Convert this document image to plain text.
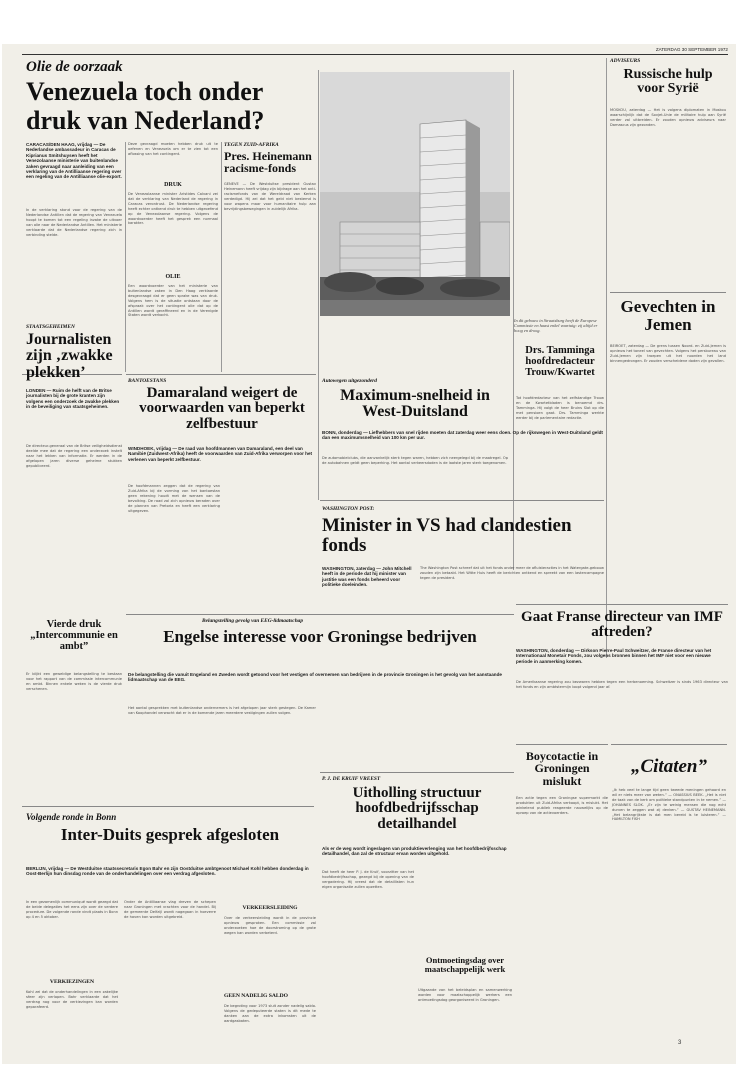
ZATERDAG 30 SEPTEMBER 1972
Olie de oorzaak
Venezuela toch onder
druk van Nederland?
CARACAS/DEN HAAG, vrijdag — De Nederlandse ambassadeur in Caracas de Kiprianus Smitshuysen heeft het Venezolaanse ministerie van buitenlandse zaken gevraagd naar aanleiding van een verklaring van de Antilliaanse regering over een regeling van de Antilliaanse olie-export.
In de verklaring stond voor de regering van de Nederlandse Antillen dat de regering van Venezuela hoopt te komen tot een regeling inzake de uitvoer van olie naar de Nederlandse Antillen. Het ministerie verklaarde dat de Nederlandse regering zich in verbinding stelde.
Deze gevraagd moeten hebben druk uit te oefenen en Venezuela om er te zien tot een aflossing van het contingent.
DRUK
De Venezolaanse minister Aristides Calvani zei dat de verklaring van Nederland de regering in Caracas verontrust. De Nederlandse regering heeft echter ontkend druk te hebben uitgeoefend op de Venezolaanse regering. Volgens de woordvoerder heeft het gesprek een normaal karakter.
OLIE
Een woordvoerder van het ministerie van buitenlandse zaken in Den Haag verklaarde desgevraagd dat er geen sprake was van druk. Volgens hem is de situatie ontstaan door de afspraak over het contingent olie dat op de Antillen wordt geraffineerd en in de Verenigde Staten wordt verkocht.
TEGEN ZUID-AFRIKA
Pres. Heinemann racisme-fonds
GENEVE — De Westduitse president Gustav Heinemann heeft vrijdag zijn bijdrage aan het anti-racismefonds van de Wereldraad van Kerken verdedigd. Hij zei dat het geld niet bestemd is voor wapens maar voor humanitaire hulp aan bevrijdingsbewegingen in zuidelijk Afrika.
In dit gebouw in Straatsburg heeft de Europese Commissie en haast enkel vaartuig: zij altijd er hoog en droog.
ADVISEURS
Russische hulp voor Syrië
MOSKOU, zaterdag — Het is volgens diplomaten in Moskou waarschijnlijk dat de Sovjet-Unie de militaire hulp aan Syrië verder zal uitbreiden. Er zouden opnieuw adviseurs naar Damascus zijn gezonden.
Gevechten in Jemen
BEIROET, zaterdag — De grens tussen Noord- en Zuid-Jemen is opnieuw het toneel van gevechten. Volgens het persbureau van Zuid-Jemen zijn troepen uit het noorden het land binnengedrongen. Er zouden verscheidene doden zijn gevallen.
STAATSGEHEIMEN
Journalisten zijn ‚zwakke plekken’
LONDEN — Ruim de helft van de Britse journalisten bij de grote kranten zijn volgens een onderzoek de zwakke plekken in de beveiliging van staatsgeheimen.
De directeur-generaal van de Britse veiligheidsdienst deelde mee dat de regering een onderzoek instelt naar het lekken van informatie. Er werden in de afgelopen jaren diverse geheime stukken gepubliceerd.
Vierde druk „Intercommunie en ambt”
Er blijkt een geweldige belangstelling te bestaan voor het rapport van de commissie intercommunie en ambt. Binnen enkele weken is de vierde druk verschenen.
BANTOESTANS
Damaraland weigert de voorwaarden van beperkt zelfbestuur
WINDHOEK, vrijdag — De raad van hoofdmannen van Damaraland, een deel van Namibië (Zuidwest-Afrika) heeft de voorwaarden van Zuid-Afrika verworpen voor het verlenen van beperkt zelfbestuur.
De hoofdmannen zeggen dat de regering van Zuid-Afrika bij de vorming van het bantoestan geen rekening houdt met de wensen van de bevolking. De raad zal zich opnieuw beraden over de plannen van Pretoria en heeft een verklaring uitgegeven.
Autowegen uitgezonderd
Maximum-snelheid in West-Duitsland
BONN, donderdag — Liefhebbers van snel rijden moeten dat zaterdag weer eens doen. Op de rijkswegen in West-Duitsland geldt dan een maximumsnelheid van 100 km per uur.
De automobielclubs, die aanvankelijk sterk tegen waren, hebben zich neergelegd bij de maatregel. Op de autobahnen geldt geen beperking. Het aantal verkeersdoden is de laatste jaren sterk toegenomen.
Drs. Tamminga hoofdredacteur Trouw/Kwartet
Tot hoofdredacteur van het zelfstandige Trouw en de Kwartetbladen is benoemd drs. Tamminga. Hij volgt de heer Bruins Slot op die met pensioen gaat. Drs. Tamminga werkte eerder bij de parlementaire redactie.
WASHINGTON POST:
Minister in VS had clandestien fonds
WASHINGTON, zaterdag — John Mitchell heeft in de periode dat hij minister van justitie was een fonds beheerd voor politieke doeleinden.
The Washington Post schreef dat uit het fonds onder meer de afluisteracties in het Watergate-gebouw zouden zijn betaald. Het Witte Huis heeft de berichten ontkend en spreekt van een lastercampagne tegen de president.
Belangstelling gevolg van EEG-lidmaatschap
Engelse interesse voor Groningse bedrijven
De belangstelling die vanuit Engeland en Zweden wordt getoond voor het vestigen of overnemen van bedrijven in de provincie Groningen is het gevolg van het aanstaande lidmaatschap van de EEG.
Het aantal gesprekken met buitenlandse ondernemers is het afgelopen jaar sterk gestegen. De Kamer van Koophandel verwacht dat er in de komende jaren meerdere vestigingen zullen volgen.
Gaat Franse directeur van IMF aftreden?
WASHINGTON, donderdag — Dirkson Pierre-Paul Schweitzer, de Franse directeur van het Internationaal Monetair Fonds, zou volgens bronnen binnen het IMF niet voor een nieuwe periode in aanmerking komen.
De Amerikaanse regering zou bezwaren hebben tegen een herbenoeming. Schweitzer is sinds 1963 directeur van het fonds en zijn ambtstermijn loopt volgend jaar af.
Volgende ronde in Bonn
Inter-Duits gesprek afgesloten
BERLIJN, vrijdag — De Westduitse staatssecretaris Egon Bahr en zijn Oostduitse ambtgenoot Michael Kohl hebben donderdag in Oost-Berlijn hun dinsdag ronde van de onderhandelingen over een verdrag afgesloten.
In een gezamenlijk communiqué wordt gezegd dat de beide delegaties het eens zijn over de verdere procedure. De volgende ronde vindt plaats in Bonn op 4 en 5 oktober.
VERKIEZINGEN
Kohl zei dat de onderhandelingen in een zakelijke sfeer zijn verlopen. Bahr verklaarde dat het verdrag nog voor de verkiezingen kan worden geparafeerd.
Onder de Antilliaanse vlag dreven de schepen naar Groningen met vrachten voor de handel. Bij de gemeente Delfzijl wordt nagegaan in hoeverre de haven kan worden uitgebreid.
GEEN NADELIG SALDO
De begroting voor 1973 sluit zonder nadelig saldo. Volgens de gedeputeerde staten is dit mede te danken aan de extra inkomsten uit de aardgasbaten.
VERKEERSLEIDING
Over de verkeersleiding wordt in de provincie opnieuw gesproken. Een commissie zal onderzoeken hoe de doorstroming op de grote wegen kan worden verbeterd.
P. J. DE KRUIF VREEST
Uitholling structuur hoofdbedrijfsschap detailhandel
Als er de weg wordt ingeslagen van produktieverlenging van het hoofdbedrijfsschap detailhandel, dan zal de structuur ervan worden uitgehold.
Dat heeft de heer P. J. de Kruif, voorzitter van het hoofdbedrijfsschap, gezegd bij de opening van de vergadering. Hij vreest dat de detaillisten hun eigen organisatie zullen opzetten.
Ontmoetingsdag over maatschappelijk werk
Uitgaande van het beleidsplan en samenwerking worden voor maatschappelijk werkers een ontmoetingsdag georganiseerd in Groningen.
Boycotactie in Groningen mislukt
Een actie tegen een Groningse supermarkt die produkten uit Zuid-Afrika verkoopt, is mislukt. Het winkelend publiek reageerde nauwelijks op de oproep van de actievoerders.
„Citaten”
„Ik heb veel te lange tijd geen tweede meningen gehoord en wil er niets meer van weten.” — ONASSIUS BEEK. „Het is niet de taak van de kerk om politieke standpunten in te nemen.” — JOHANNES SLOK. „Er zijn te weinig mensen die nog echt durven te zeggen wat zij denken.” — GUSTAV HEINEMANN. „Het belangrijkste is dat men bereid is te luisteren.” — HAMILTON FISH
3
